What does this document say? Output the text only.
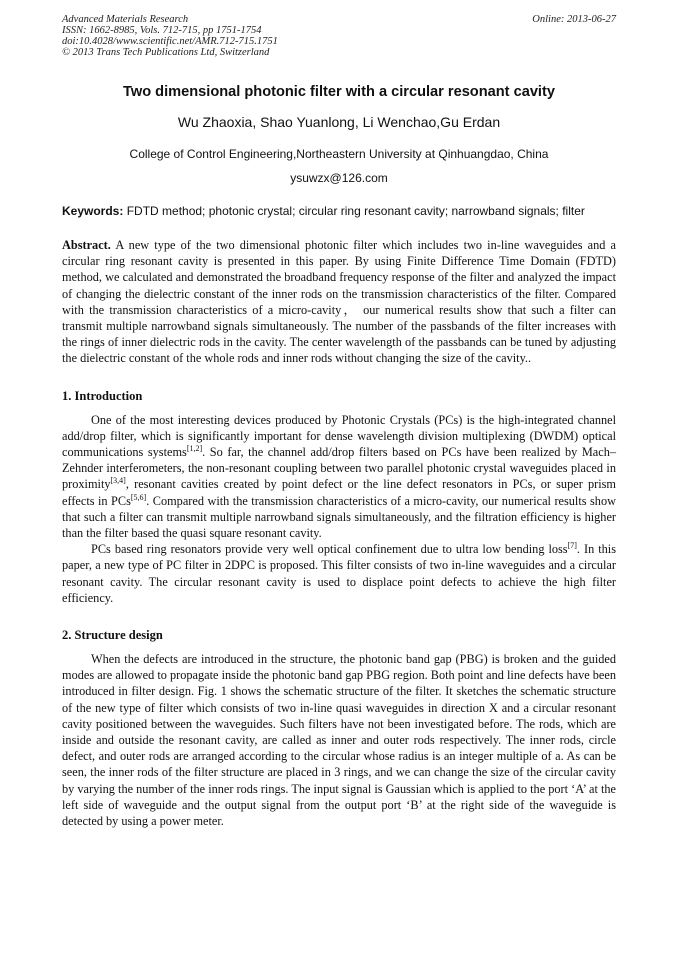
Advanced Materials Research
ISSN: 1662-8985, Vols. 712-715, pp 1751-1754
doi:10.4028/www.scientific.net/AMR.712-715.1751
© 2013 Trans Tech Publications Ltd, Switzerland
Online: 2013-06-27
Two dimensional photonic filter with a circular resonant cavity
Wu Zhaoxia, Shao Yuanlong, Li Wenchao,Gu Erdan
College of Control Engineering,Northeastern University at Qinhuangdao, China
ysuwzx@126.com
Keywords: FDTD method; photonic crystal; circular ring resonant cavity; narrowband signals; filter

Abstract. A new type of the two dimensional photonic filter which includes two in-line waveguides and a circular ring resonant cavity is presented in this paper. By using Finite Difference Time Domain (FDTD) method, we calculated and demonstrated the broadband frequency response of the filter and analyzed the impact of changing the dielectric constant of the inner rods on the transmission characteristics of the filter. Compared with the transmission characteristics of a micro-cavity， our numerical results show that such a filter can transmit multiple narrowband signals simultaneously. The number of the passbands of the filter increases with the rings of inner dielectric rods in the cavity. The center wavelength of the passbands can be tuned by adjusting the dielectric constant of the whole rods and inner rods without changing the size of the cavity..

1. Introduction

One of the most interesting devices produced by Photonic Crystals (PCs) is the high-integrated channel add/drop filter, which is significantly important for dense wavelength division multiplexing (DWDM) optical communications systems[1,2]. So far, the channel add/drop filters based on PCs have been realized by Mach–Zehnder interferometers, the non-resonant coupling between two parallel photonic crystal waveguides placed in proximity[3,4], resonant cavities created by point defect or the line defect resonators in PCs, or super prism effects in PCs[5,6]. Compared with the transmission characteristics of a micro-cavity, our numerical results show that such a filter can transmit multiple narrowband signals simultaneously, and the filtration efficiency is higher than the filter based the quasi square resonant cavity.

PCs based ring resonators provide very well optical confinement due to ultra low bending loss[7]. In this paper, a new type of PC filter in 2DPC is proposed. This filter consists of two in-line waveguides and a circular resonant cavity. The circular resonant cavity is used to displace point defects to achieve the high filter efficiency.

2. Structure design

When the defects are introduced in the structure, the photonic band gap (PBG) is broken and the guided modes are allowed to propagate inside the photonic band gap PBG region. Both point and line defects have been introduced in filter design. Fig. 1 shows the schematic structure of the filter. It sketches the schematic structure of the new type of filter which consists of two in-line quasi waveguides in direction X and a circular resonant cavity positioned between the waveguides. Such filters have not been investigated before. The rods, which are inside and outside the resonant cavity, are called as inner and outer rods respectively. The inner rods, circle defect, and outer rods are arranged according to the circular whose radius is an integer multiple of a. As can be seen, the inner rods of the filter structure are placed in 3 rings, and we can change the size of the circular cavity by varying the number of the inner rods rings. The input signal is Gaussian which is applied to the port ‘A’ at the left side of waveguide and the output signal from the output port ‘B’ at the right side of the waveguide is detected by using a power meter.
